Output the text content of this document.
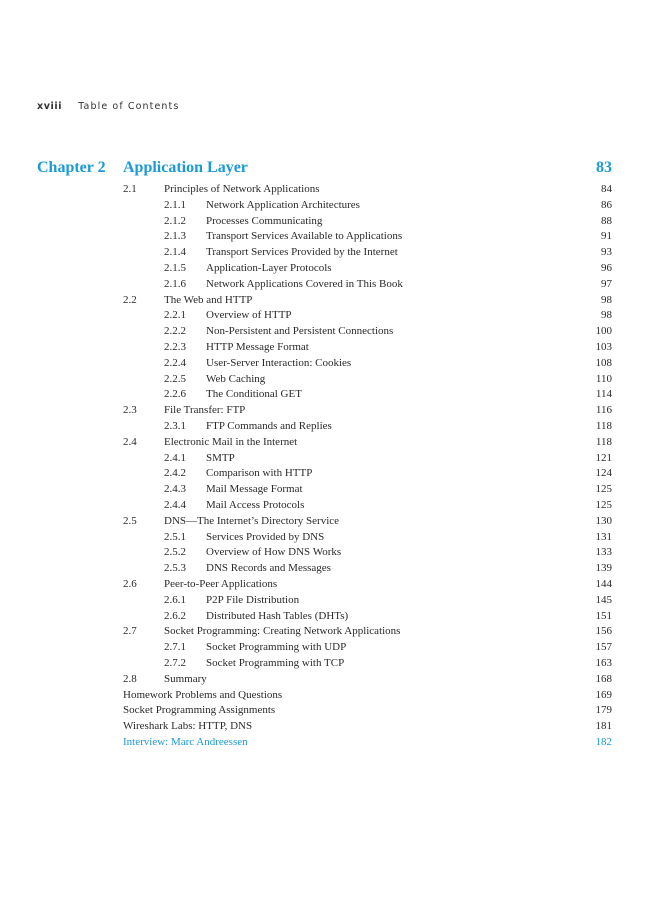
xviii Table of Contents
Chapter 2 Application Layer	83
2.1 Principles of Network Applications	84
2.1.1 Network Application Architectures	86
2.1.2 Processes Communicating	88
2.1.3 Transport Services Available to Applications	91
2.1.4 Transport Services Provided by the Internet	93
2.1.5 Application-Layer Protocols	96
2.1.6 Network Applications Covered in This Book	97
2.2 The Web and HTTP	98
2.2.1 Overview of HTTP	98
2.2.2 Non-Persistent and Persistent Connections	100
2.2.3 HTTP Message Format	103
2.2.4 User-Server Interaction: Cookies	108
2.2.5 Web Caching	110
2.2.6 The Conditional GET	114
2.3 File Transfer: FTP	116
2.3.1 FTP Commands and Replies	118
2.4 Electronic Mail in the Internet	118
2.4.1 SMTP	121
2.4.2 Comparison with HTTP	124
2.4.3 Mail Message Format	125
2.4.4 Mail Access Protocols	125
2.5 DNS—The Internet’s Directory Service	130
2.5.1 Services Provided by DNS	131
2.5.2 Overview of How DNS Works	133
2.5.3 DNS Records and Messages	139
2.6 Peer-to-Peer Applications	144
2.6.1 P2P File Distribution	145
2.6.2 Distributed Hash Tables (DHTs)	151
2.7 Socket Programming: Creating Network Applications	156
2.7.1 Socket Programming with UDP	157
2.7.2 Socket Programming with TCP	163
2.8 Summary	168
Homework Problems and Questions	169
Socket Programming Assignments	179
Wireshark Labs: HTTP, DNS	181
Interview: Marc Andreessen	182
